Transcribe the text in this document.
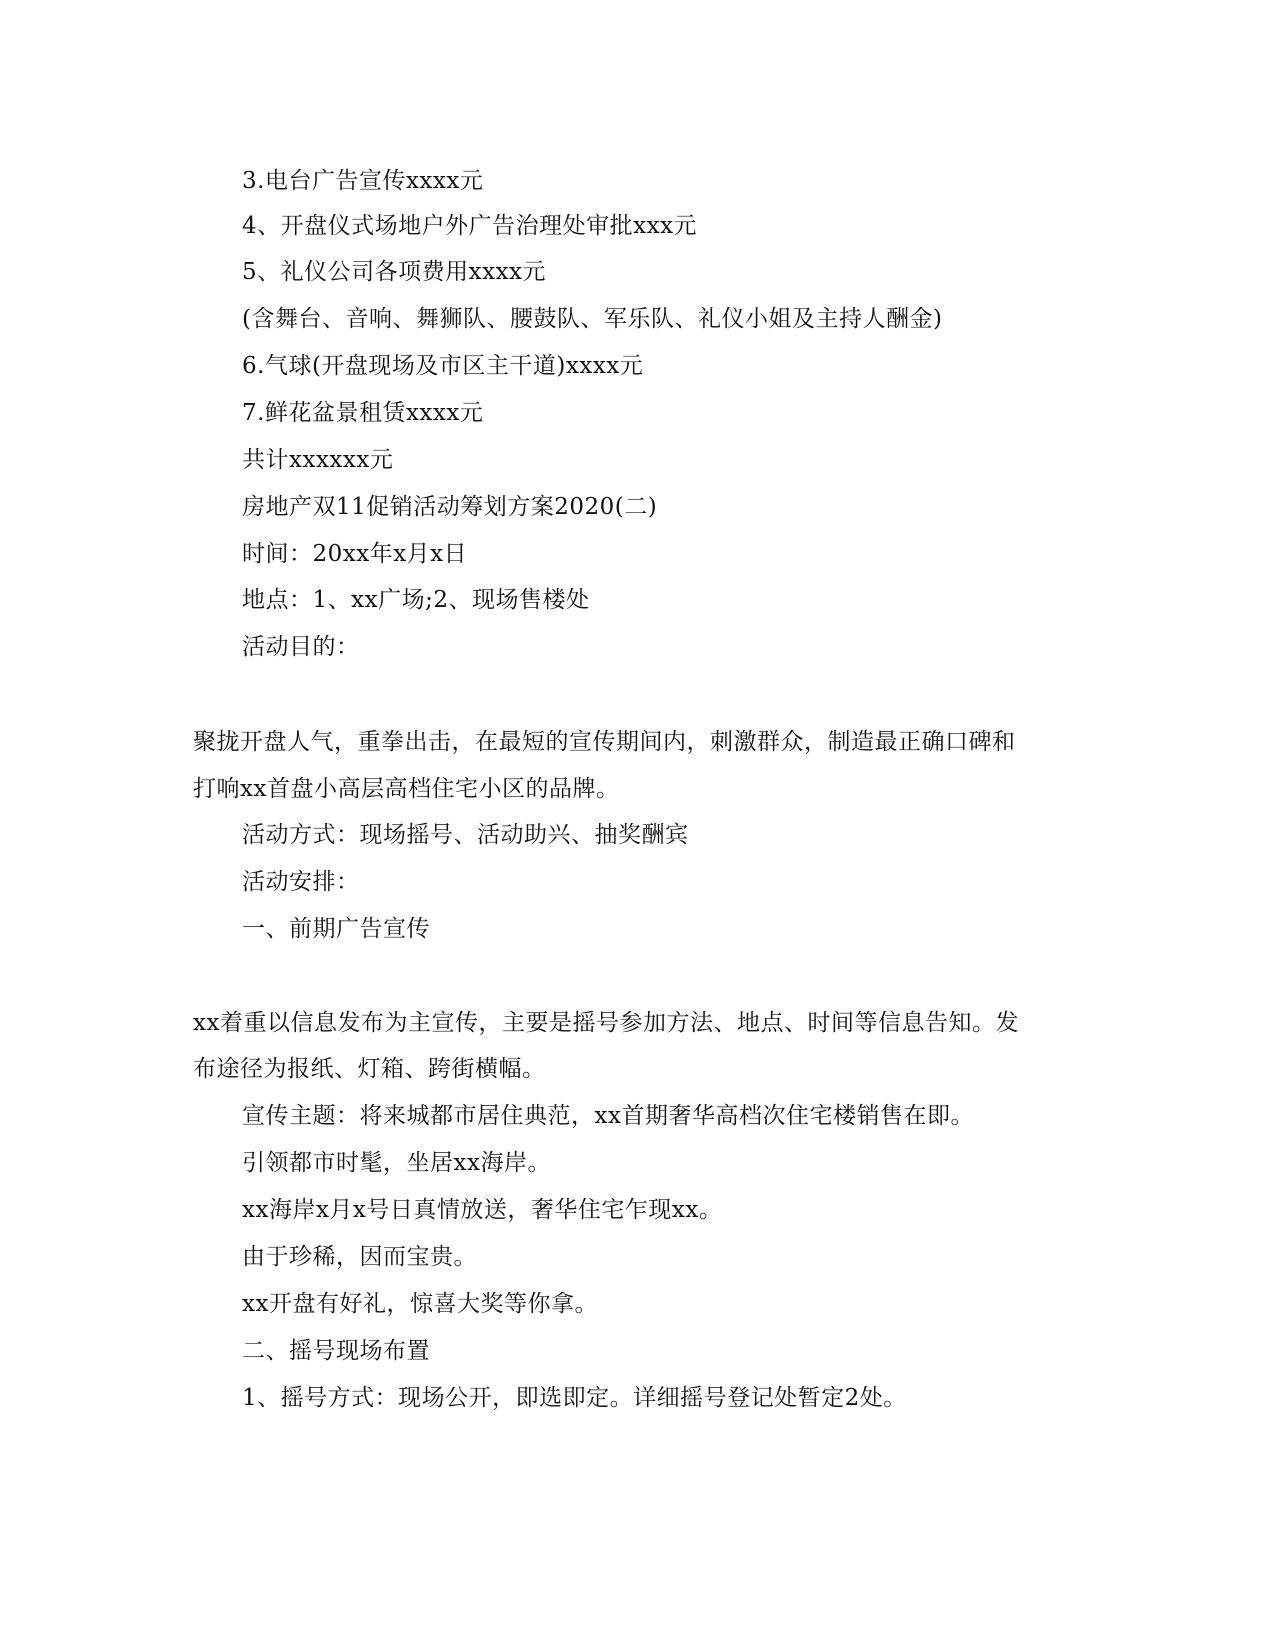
3.电台广告宣传xxxx元
4、开盘仪式场地户外广告治理处审批xxx元
5、礼仪公司各项费用xxxx元
(含舞台、音响、舞狮队、腰鼓队、军乐队、礼仪小姐及主持人酬金)
6.气球(开盘现场及市区主干道)xxxx元
7.鲜花盆景租赁xxxx元
共计xxxxxx元
房地产双11促销活动筹划方案2020(二)
时间：20xx年x月x日
地点：1、xx广场;2、现场售楼处
活动目的：
聚拢开盘人气，重拳出击，在最短的宣传期间内，刺激群众，制造最正确口碑和
打响xx首盘小高层高档住宅小区的品牌。
活动方式：现场摇号、活动助兴、抽奖酬宾
活动安排：
一、前期广告宣传
xx着重以信息发布为主宣传，主要是摇号参加方法、地点、时间等信息告知。发
布途径为报纸、灯箱、跨街横幅。
宣传主题：将来城都市居住典范，xx首期奢华高档次住宅楼销售在即。
引领都市时髦，坐居xx海岸。
xx海岸x月x号日真情放送，奢华住宅乍现xx。
由于珍稀，因而宝贵。
xx开盘有好礼，惊喜大奖等你拿。
二、摇号现场布置
1、摇号方式：现场公开，即选即定。详细摇号登记处暂定2处。
